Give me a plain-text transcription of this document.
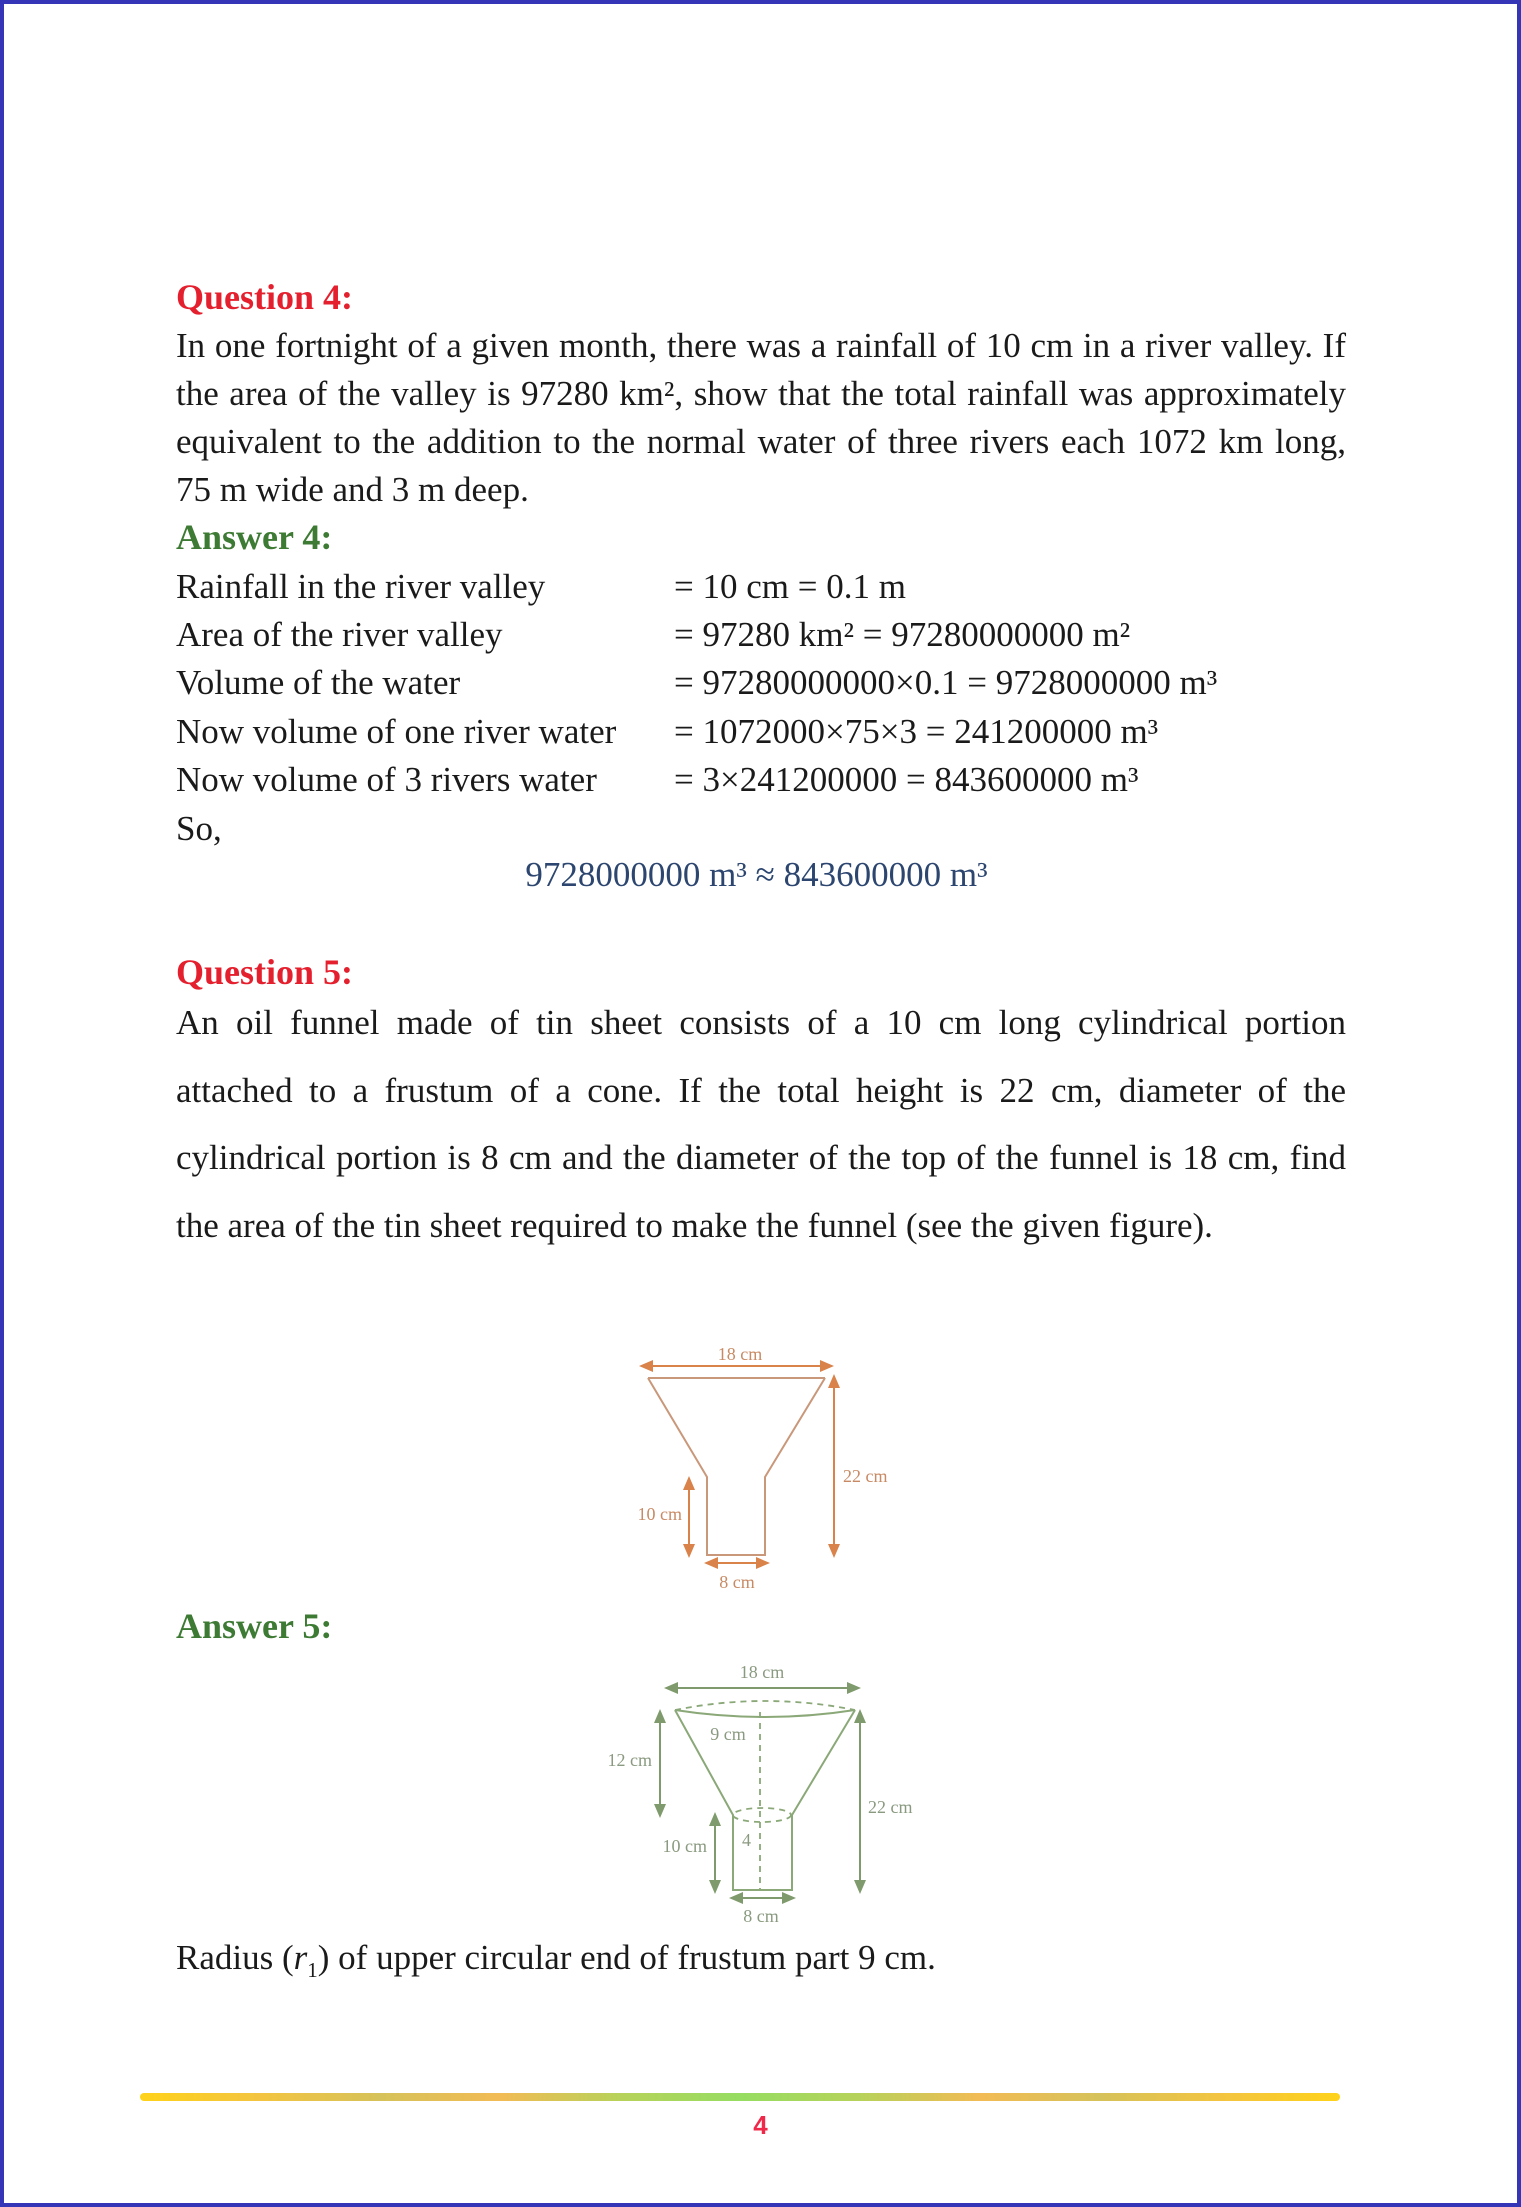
Question 4:
In one fortnight of a given month, there was a rainfall of 10 cm in a river valley. If the area of the valley is 97280 km², show that the total rainfall was approximately equivalent to the addition to the normal water of three rivers each 1072 km long, 75 m wide and 3 m deep.
Answer 4:
Rainfall in the river valley	= 10 cm = 0.1 m
Area of the river valley	= 97280 km² = 97280000000 m²
Volume of the water	= 97280000000×0.1 = 9728000000 m³
Now volume of one river water = 1072000×75×3 = 241200000 m³
Now volume of 3 rivers water = 3×241200000 = 843600000 m³
So,
9728000000 m³ ≈ 843600000 m³
Question 5:
An oil funnel made of tin sheet consists of a 10 cm long cylindrical portion attached to a frustum of a cone. If the total height is 22 cm, diameter of the cylindrical portion is 8 cm and the diameter of the top of the funnel is 18 cm, find the area of the tin sheet required to make the funnel (see the given figure).
18 cm
22 cm
10 cm
8 cm
Answer 5:
18 cm
9 cm
12 cm
22 cm
10 cm 4
8 cm
Radius $(r_1)$ of upper circular end of frustum part 9 cm.
4
